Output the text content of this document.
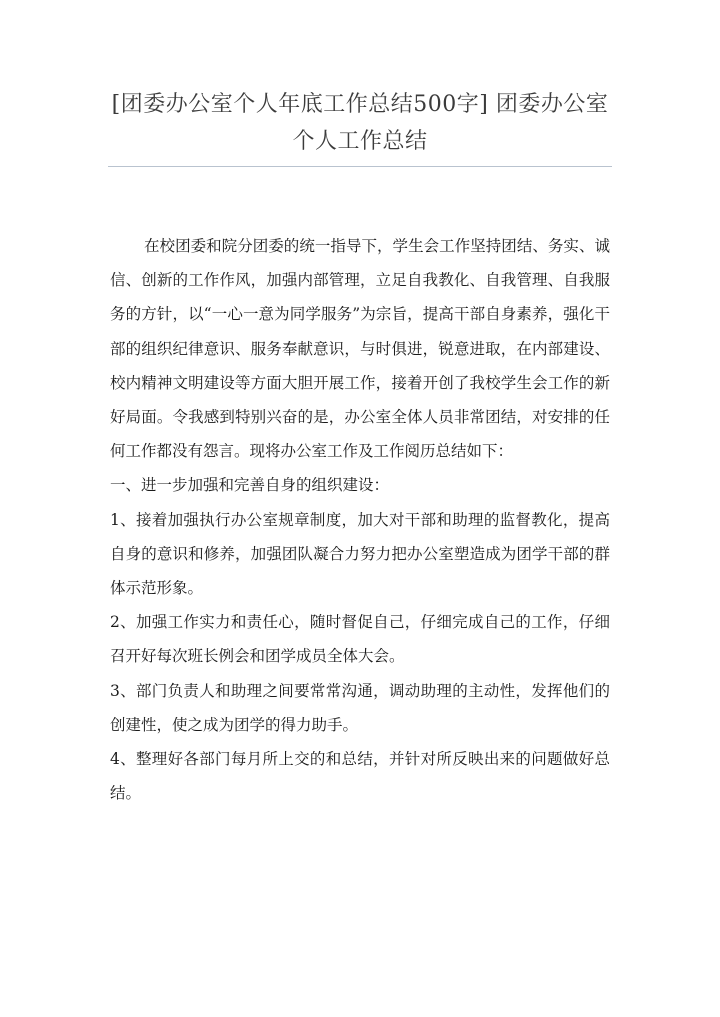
[团委办公室个人年底工作总结500字] 团委办公室个人工作总结

在校团委和院分团委的统一指导下，学生会工作坚持团结、务实、诚信、创新的工作作风，加强内部管理，立足自我教化、自我管理、自我服务的方针，以“一心一意为同学服务”为宗旨，提高干部自身素养，强化干部的组织纪律意识、服务奉献意识，与时俱进，锐意进取，在内部建设、校内精神文明建设等方面大胆开展工作，接着开创了我校学生会工作的新好局面。令我感到特别兴奋的是，办公室全体人员非常团结，对安排的任何工作都没有怨言。现将办公室工作及工作阅历总结如下：

一、进一步加强和完善自身的组织建设：

1、接着加强执行办公室规章制度，加大对干部和助理的监督教化，提高自身的意识和修养，加强团队凝合力努力把办公室塑造成为团学干部的群体示范形象。

2、加强工作实力和责任心，随时督促自己，仔细完成自己的工作，仔细召开好每次班长例会和团学成员全体大会。

3、部门负责人和助理之间要常常沟通，调动助理的主动性，发挥他们的创建性，使之成为团学的得力助手。

4、整理好各部门每月所上交的和总结，并针对所反映出来的问题做好总结。
